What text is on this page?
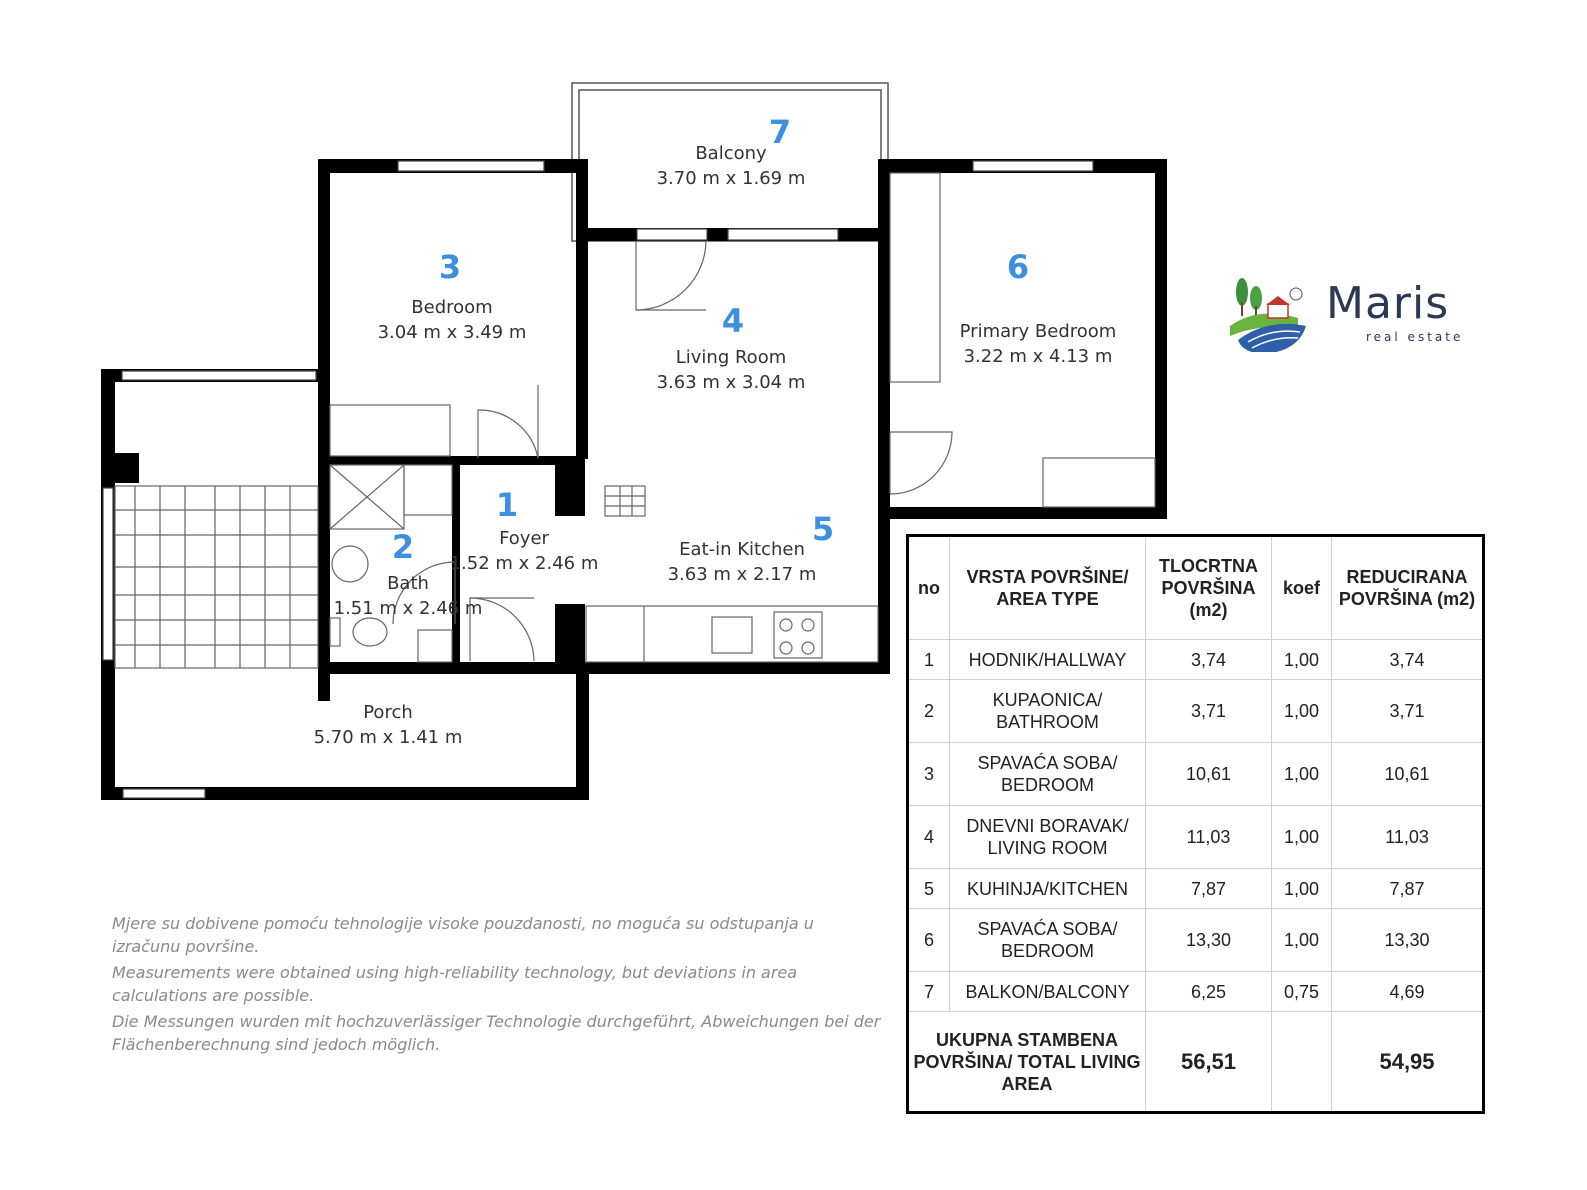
1
Foyer
1.52 m x 2.46 m
2
Bath
1.51 m x 2.46 m
3
Bedroom
3.04 m x 3.49 m	4
Living Room
3.63 m x 3.04 m
5
Eat-in Kitchen
3.63 m x 2.17 m
6
Primary Bedroom
3.22 m x 4.13 m
7
Balcony
3.70 m x 1.69 m
Porch
5.70 m x 1.41 m
Maris
real estate

Mjere su dobivene pomoću tehnologije visoke pouzdanosti, no moguća su odstupanja u izračunu površine.

Measurements were obtained using high-reliability technology, but deviations in area calculations are possible.

Die Messungen wurden mit hochzuverlässiger Technologie durchgeführt, Abweichungen bei der Flächenberechnung sind jedoch möglich.

no	VRSTA POVRŠINE/ AREA TYPE	TLOCRTNA POVRŠINA (m2)	koef	REDUCIRANA POVRŠINA (m2)
1	HODNIK/HALLWAY	3,74	1,00	3,74
2	KUPAONICA/ BATHROOM	3,71	1,00	3,71
3	SPAVAĆA SOBA/ BEDROOM	10,61	1,00	10,61
4	DNEVNI BORAVAK/ LIVING ROOM	11,03	1,00	11,03
5	KUHINJA/KITCHEN	7,87	1,00	7,87
6	SPAVAĆA SOBA/ BEDROOM	13,30	1,00	13,30
7	BALKON/BALCONY	6,25	0,75	4,69
UKUPNA STAMBENA POVRŠINA/ TOTAL LIVING AREA		56,51		54,95
